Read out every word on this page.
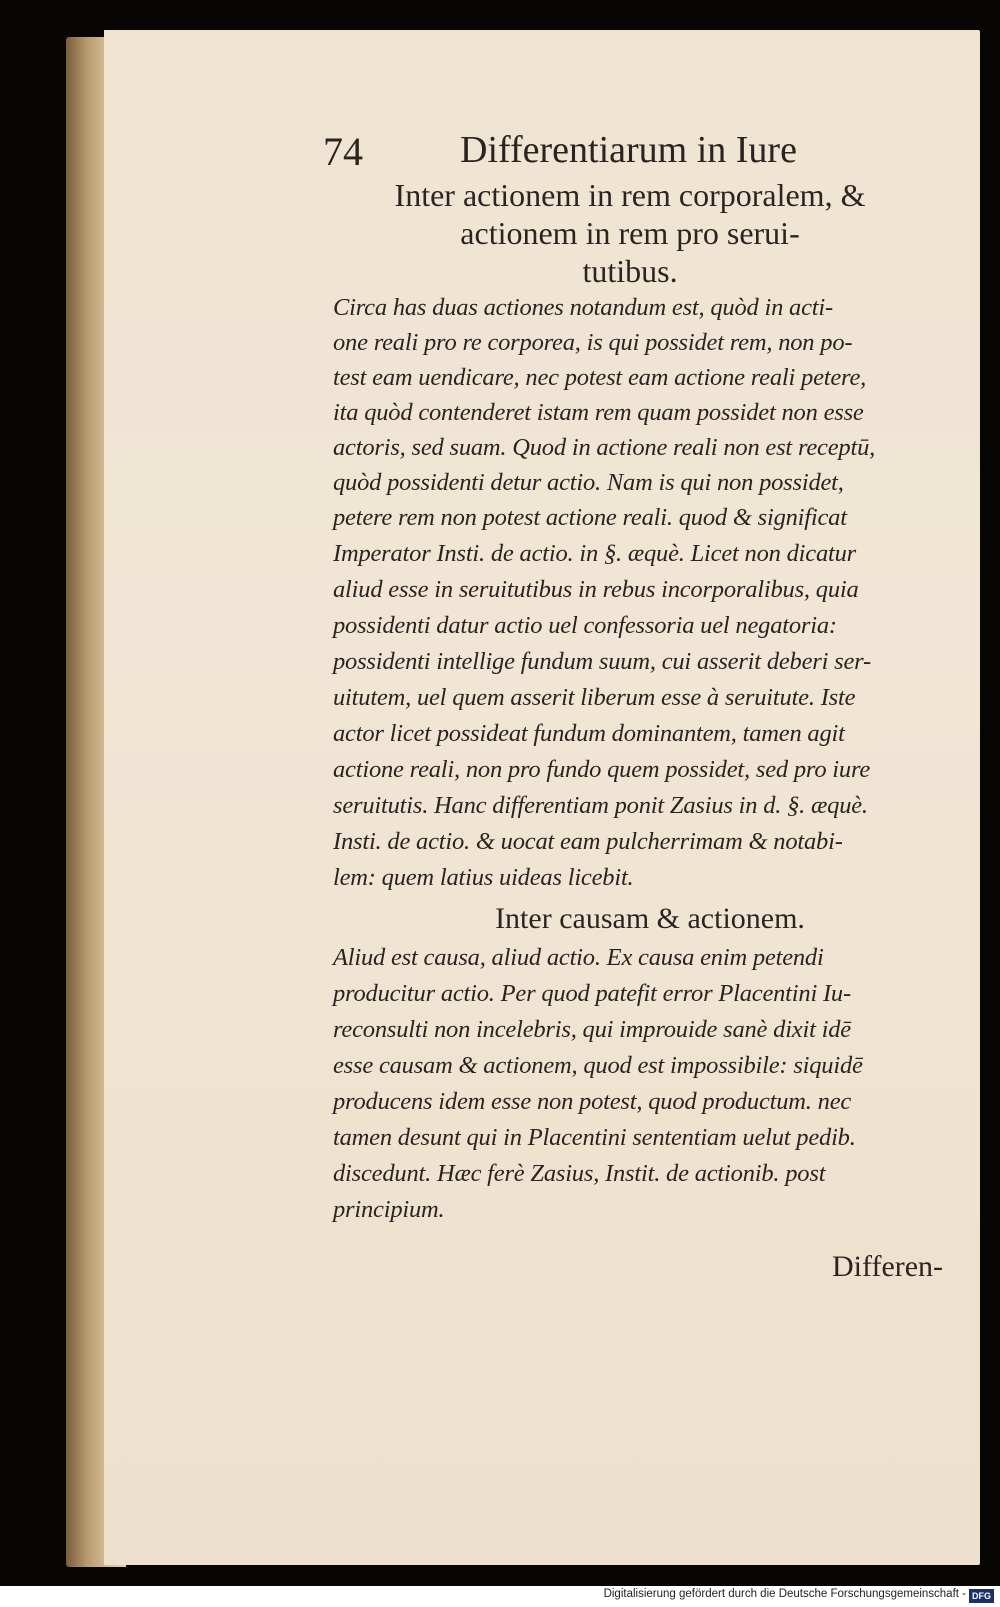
74	Differentiarum in Iure
Inter actionem in rem corporalem, &
actionem in rem pro serui-
tutibus.
Circa has duas actiones notandum est, quòd in acti-
one reali pro re corporea, is qui possidet rem, non po-
test eam uendicare, nec potest eam actione reali petere,
ita quòd contenderet istam rem quam possidet non esse
actoris, sed suam. Quod in actione reali non est receptū,
quòd possidenti detur actio. Nam is qui non possidet,
petere rem non potest actione reali. quod & significat
Imperator Insti. de actio. in §. æquè. Licet non dicatur
aliud esse in seruitutibus in rebus incorporalibus, quia
possidenti datur actio uel confessoria uel negatoria:
possidenti intellige fundum suum, cui asserit deberi ser-
uitutem, uel quem asserit liberum esse à seruitute. Iste
actor licet possideat fundum dominantem, tamen agit
actione reali, non pro fundo quem possidet, sed pro iure
seruitutis. Hanc differentiam ponit Zasius in d. §. æquè.
Insti. de actio. & uocat eam pulcherrimam & notabi-
lem: quem latius uideas licebit.
Inter causam & actionem.
Aliud est causa, aliud actio. Ex causa enim petendi
producitur actio. Per quod patefit error Placentini Iu-
reconsulti non incelebris, qui improuide sanè dixit idē
esse causam & actionem, quod est impossibile: siquidē
producens idem esse non potest, quod productum. nec
tamen desunt qui in Placentini sententiam uelut pedib.
discedunt. Hæc ferè Zasius, Instit. de actionib. post
principium.
Differen-
Digitalisierung gefördert durch die Deutsche Forschungsgemeinschaft - DFG
